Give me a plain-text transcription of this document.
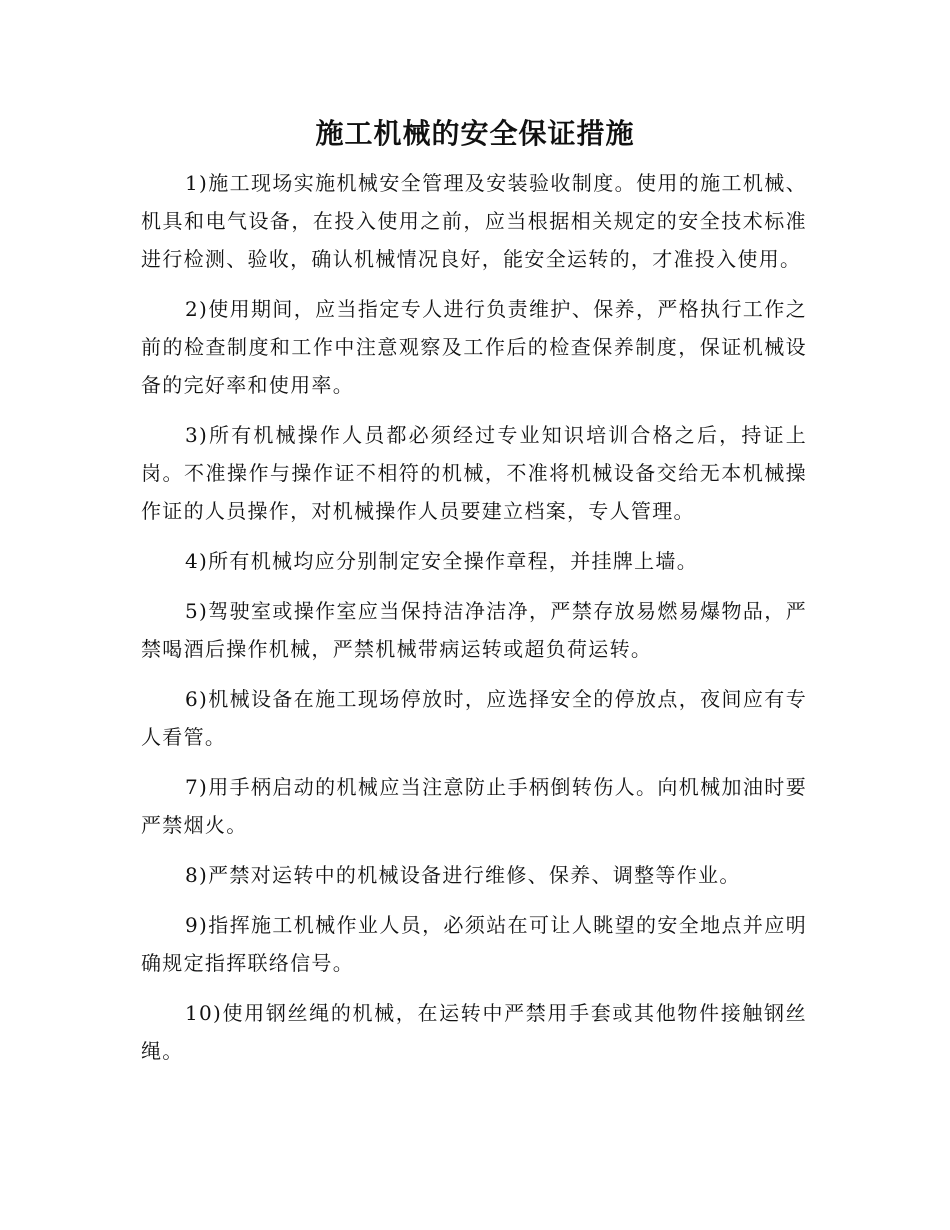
施工机械的安全保证措施

1)施工现场实施机械安全管理及安装验收制度。使用的施工机械、机具和电气设备，在投入使用之前，应当根据相关规定的安全技术标准进行检测、验收，确认机械情况良好，能安全运转的，才准投入使用。

2)使用期间，应当指定专人进行负责维护、保养，严格执行工作之前的检查制度和工作中注意观察及工作后的检查保养制度，保证机械设备的完好率和使用率。

3)所有机械操作人员都必须经过专业知识培训合格之后，持证上岗。不准操作与操作证不相符的机械，不准将机械设备交给无本机械操作证的人员操作，对机械操作人员要建立档案，专人管理。

4)所有机械均应分别制定安全操作章程，并挂牌上墙。

5)驾驶室或操作室应当保持洁净洁净，严禁存放易燃易爆物品，严禁喝酒后操作机械，严禁机械带病运转或超负荷运转。

6)机械设备在施工现场停放时，应选择安全的停放点，夜间应有专人看管。

7)用手柄启动的机械应当注意防止手柄倒转伤人。向机械加油时要严禁烟火。

8)严禁对运转中的机械设备进行维修、保养、调整等作业。

9)指挥施工机械作业人员，必须站在可让人眺望的安全地点并应明确规定指挥联络信号。

10)使用钢丝绳的机械，在运转中严禁用手套或其他物件接触钢丝绳。
